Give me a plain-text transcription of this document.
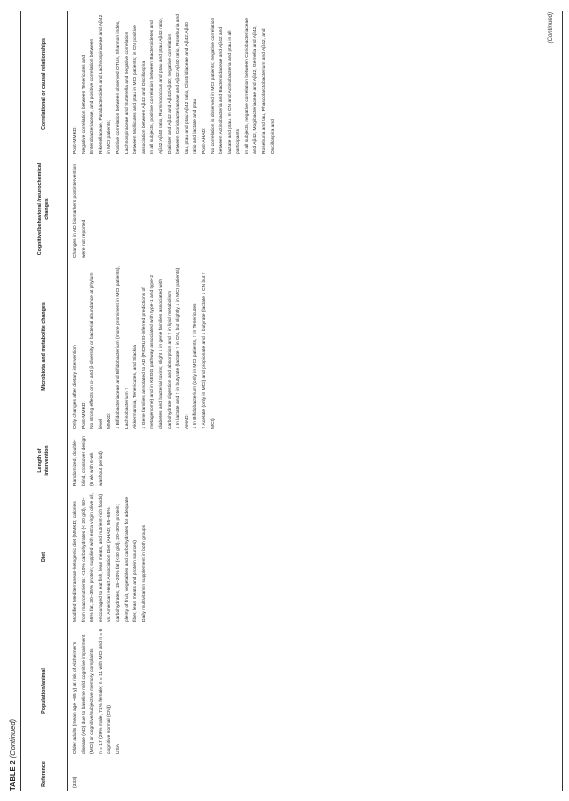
TABLE 2 (Continued)
Reference
Population/animal
Diet
Length of intervention
Microbiota and metabolite changes
Cognitive/behavioral /neurochemical changes
Correlational or causal relationships

(333)

Older adults (mean age ~65 y) at risk of Alzheimer's disease (AD) due to baseline mild cognitive impairment (MCI) or cognitive/subjective memory complaints n = 17 (29% male, 71% female; n = 11 with MCI and n = 6 cognitive normal (CN)) USA

Modified Mediterranean-ketogenic diet (MMKD; calories from macronutrients: <10% carbohydrates (< 20 g/d), 60–65% fat, 30–35% protein; supplied with extra virgin olive oil, encouraged to eat fish, lean meats, and nutrient-rich foods) vs. American Heart Association Diet (AHAD; 55–65% carbohydrates, 15–20% fat (<40 g/d), 20–30% protein; plenty of fruit, vegetables and carbohydrates for adequate fiber, lean meats and protein sources) Daily multivitamin supplement in both groups

Randomized, double-blind, crossover design (6 wk with 6-wk washout period)

Only changes after dietary intervention Post-MMKD: No strong effects on α- and β-diversity or bacterial abundance at phylum level MMKD: ↓ Bifidobacteriaceae and Bifidobacterium (more prominent in MCI patients), Lachnobacterium ↑ Akkermansia, Tenericutes, and Slackia ↓ Gene families annotated to AD (PICRUSt-inferred predictions of metagenome) and in KEGG pathway associated with type-1 and type-2 diabetes and bacterial toxins; slight ↓ in gene families associated with carbohydrate digestion and absorption and ↑ in lipid metabolism ↓ In lactate and ↑ in butyrate (lactate ↑ in CN, but slightly ↓ in MCI patients) AHAD: ↓ In Bifidobacterium (only in MCI patients, ↑ in Tenericutes ↑ Acetate (only in MCI) and propionate and ↓ butyrate (lactate ↓ CN but ↑ MCI)

Changes in AD biomarkers postintervention were not reported

Post-MMKD: Negative correlation between Tenericutes and Enterobacteriaceae, and positive correlation between Rikenellaceae, Parabacteroides and Lachnospiraceae and Aβ42 in MCI patients; Positive correlation between observed OTUs, Shannon index, Lachnospiraceae and Sutterella and negative correlation between Mollicutes and ptau in MCI patients; in CN positive association between Aβ42 and Oscillospira In all subjects, positive correlation between Bacteroidetes and Aβ42:Aβ40 ratio, Ruminococcus and ptau and ptau:Aβ42 ratio, Dialister and Aβ42 and Aβ42/Aβ40; negative correlation between Coriobacteriaceae and Aβ42:Aβ40 ratio, Roseburia and tau, ptau and ptau:Aβ42 ratio, Clostridiaceae and Aβ42:Aβ40 ratio and lactate and ptau Post-AHAD: No correlation is observed in MCI patients; negative correlation between Actinobacteria and Bacteroidaceae and Aβ42 and lactate and ptau. In CN and Actinobacteria and ptau in all participants In all subjects, negative correlation between Coriobacteriaceae and Aβ42, Mogibacteriaceae and Aβ42, Gemella and Aβ42, Roseburia and tau, Phascolarctobacterium and Aβ42, and Oscillospira and

(Continued)
